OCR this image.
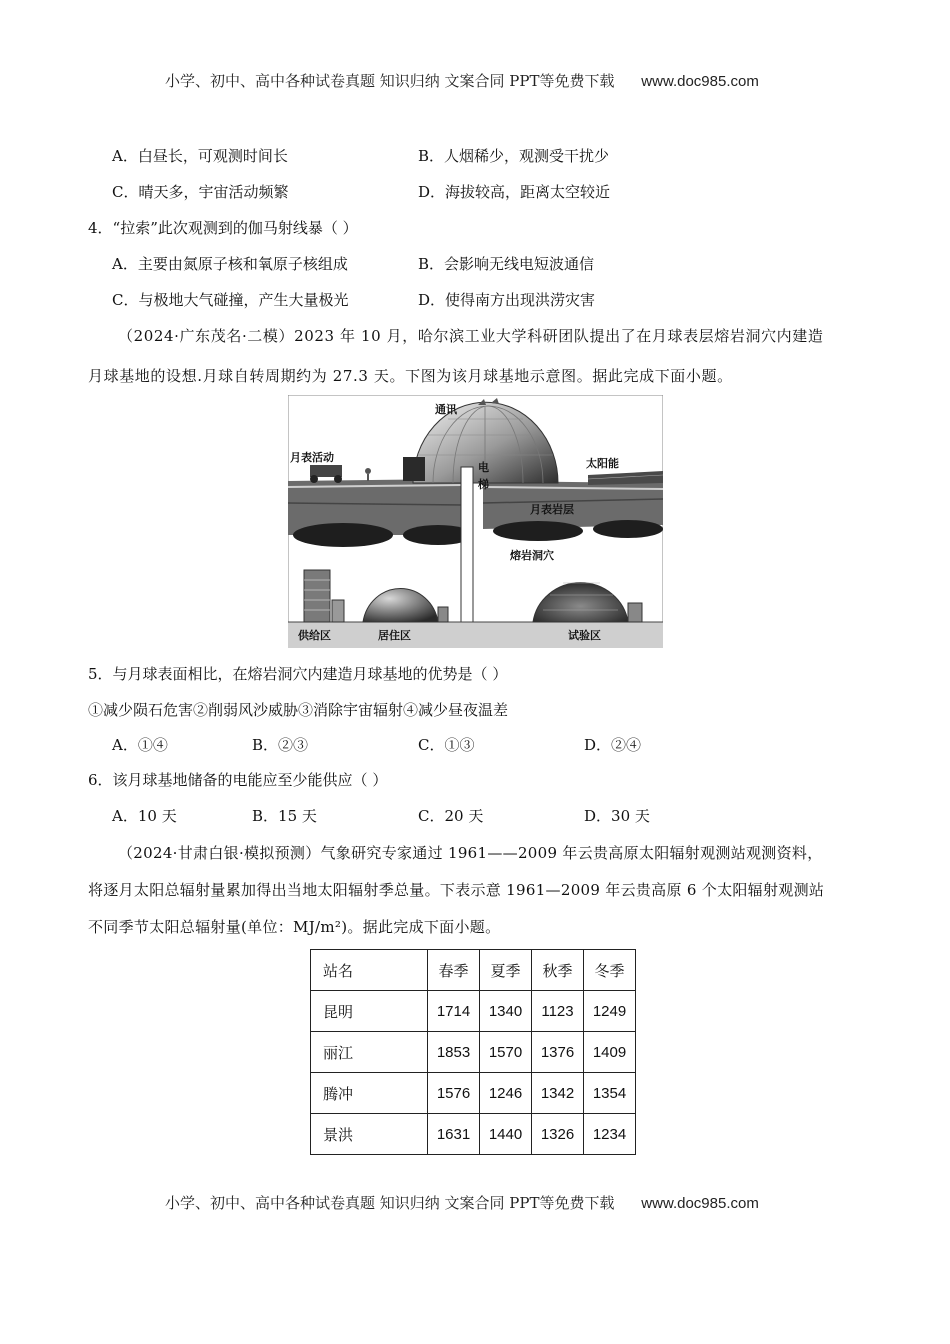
小学、初中、高中各种试卷真题 知识归纳 文案合同 PPT等免费下载 www.doc985.com
A．白昼长，可观测时间长	B．人烟稀少，观测受干扰少
C．晴天多，宇宙活动频繁	D．海拔较高，距离太空较近
4．“拉索”此次观测到的伽马射线暴（ ）
A．主要由氮原子核和氧原子核组成	B．会影响无线电短波通信
C．与极地大气碰撞，产生大量极光	D．使得南方出现洪涝灾害
（2024·广东茂名·二模）2023 年 10 月，哈尔滨工业大学科研团队提出了在月球表层熔岩洞穴内建造
月球基地的设想.月球自转周期约为 27.3 天。下图为该月球基地示意图。据此完成下面小题。
通讯
月表活动
电
梯
太阳能
月表岩层
熔岩洞穴
供给区	居住区	试验区
5．与月球表面相比，在熔岩洞穴内建造月球基地的优势是（ ）
①减少陨石危害②削弱风沙威胁③消除宇宙辐射④减少昼夜温差
A．①④	B．②③	C．①③	D．②④
6．该月球基地储备的电能应至少能供应（ ）
A．10 天	B．15 天	C．20 天	D．30 天
（2024·甘肃白银·模拟预测）气象研究专家通过 1961——2009 年云贵高原太阳辐射观测站观测资料，
将逐月太阳总辐射量累加得出当地太阳辐射季总量。下表示意 1961—2009 年云贵高原 6 个太阳辐射观测站
不同季节太阳总辐射量(单位：MJ/m²)。据此完成下面小题。
站名	春季	夏季	秋季	冬季
昆明	1714	1340	1123	1249
丽江	1853	1570	1376	1409
腾冲	1576	1246	1342	1354
景洪	1631	1440	1326	1234
小学、初中、高中各种试卷真题 知识归纳 文案合同 PPT等免费下载 www.doc985.com
